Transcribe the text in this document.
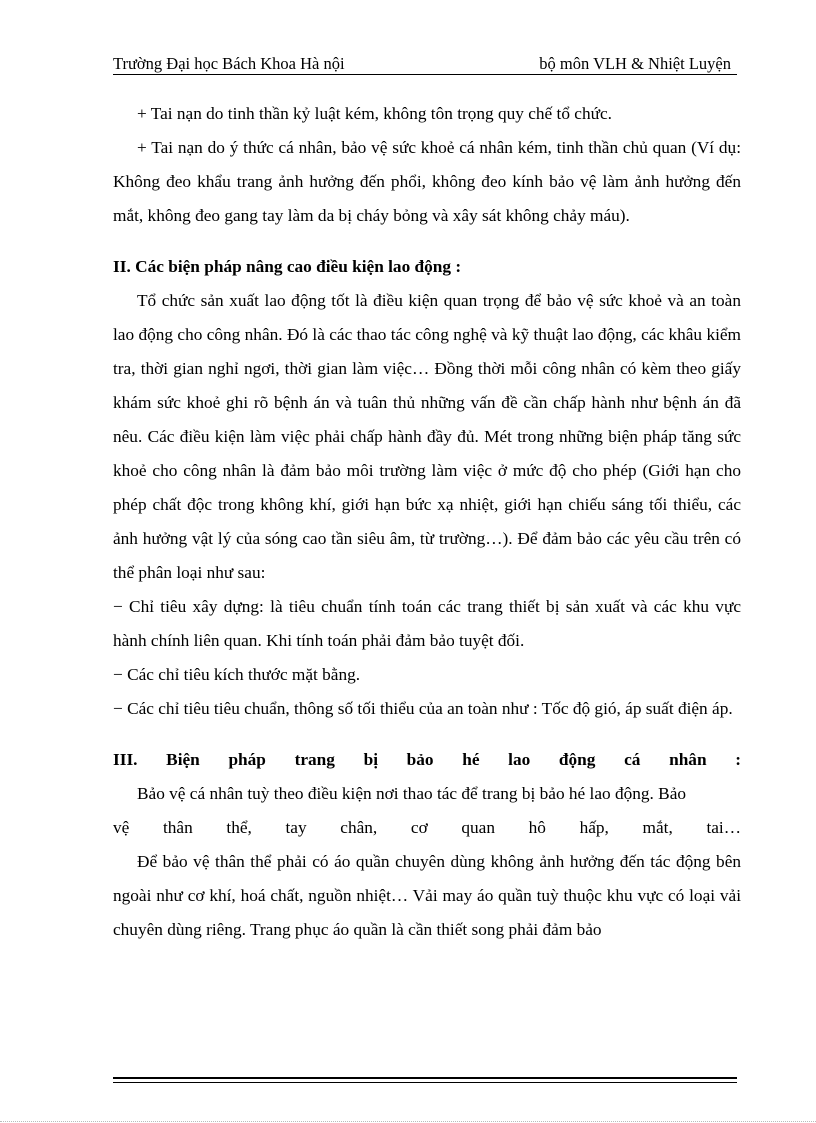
Trường Đại học Bách Khoa Hà nội	bộ môn VLH & Nhiệt Luyện

+ Tai nạn do tinh thần kỷ luật kém, không tôn trọng quy chế tổ chức.

+ Tai nạn do ý thức cá nhân, bảo vệ sức khoẻ cá nhân kém, tinh thần chủ quan (Ví dụ: Không đeo khẩu trang ảnh hưởng đến phổi, không đeo kính bảo vệ làm ảnh hưởng đến mắt, không đeo gang tay làm da bị cháy bỏng và xây sát không chảy máu).

II. Các biện pháp nâng cao điều kiện lao động :

Tổ chức sản xuất lao động tốt là điều kiện quan trọng để bảo vệ sức khoẻ và an toàn lao động cho công nhân. Đó là các thao tác công nghệ và kỹ thuật lao động, các khâu kiểm tra, thời gian nghỉ ngơi, thời gian làm việc… Đồng thời mỗi công nhân có kèm theo giấy khám sức khoẻ ghi rõ bệnh án và tuân thủ những vấn đề cần chấp hành như bệnh án đã nêu. Các điều kiện làm việc phải chấp hành đầy đủ. Mét trong những biện pháp tăng sức khoẻ cho công nhân là đảm bảo môi trường làm việc ở mức độ cho phép (Giới hạn cho phép chất độc trong không khí, giới hạn bức xạ nhiệt, giới hạn chiếu sáng tối thiểu, các ảnh hưởng vật lý của sóng cao tần siêu âm, từ trường…). Để đảm bảo các yêu cầu trên có thể phân loại như sau:

− Chỉ tiêu xây dựng: là tiêu chuẩn tính toán các trang thiết bị sản xuất và các khu vực hành chính liên quan. Khi tính toán phải đảm bảo tuyệt đối.

− Các chỉ tiêu kích thước mặt bằng.

− Các chỉ tiêu tiêu chuẩn, thông số tối thiểu của an toàn như : Tốc độ gió, áp suất điện áp.

III. Biện pháp trang bị bảo hé lao động cá nhân :

Bảo vệ cá nhân tuỳ theo điều kiện nơi thao tác để trang bị bảo hé lao động. Bảo

vệ thân thể, tay chân, cơ quan hô hấp, mắt, tai…

Để bảo vệ thân thể phải có áo quần chuyên dùng không ảnh hưởng đến tác động bên ngoài như cơ khí, hoá chất, nguồn nhiệt… Vải may áo quần tuỳ thuộc khu vực có loại vải chuyên dùng riêng. Trang phục áo quần là cần thiết song phải đảm bảo
